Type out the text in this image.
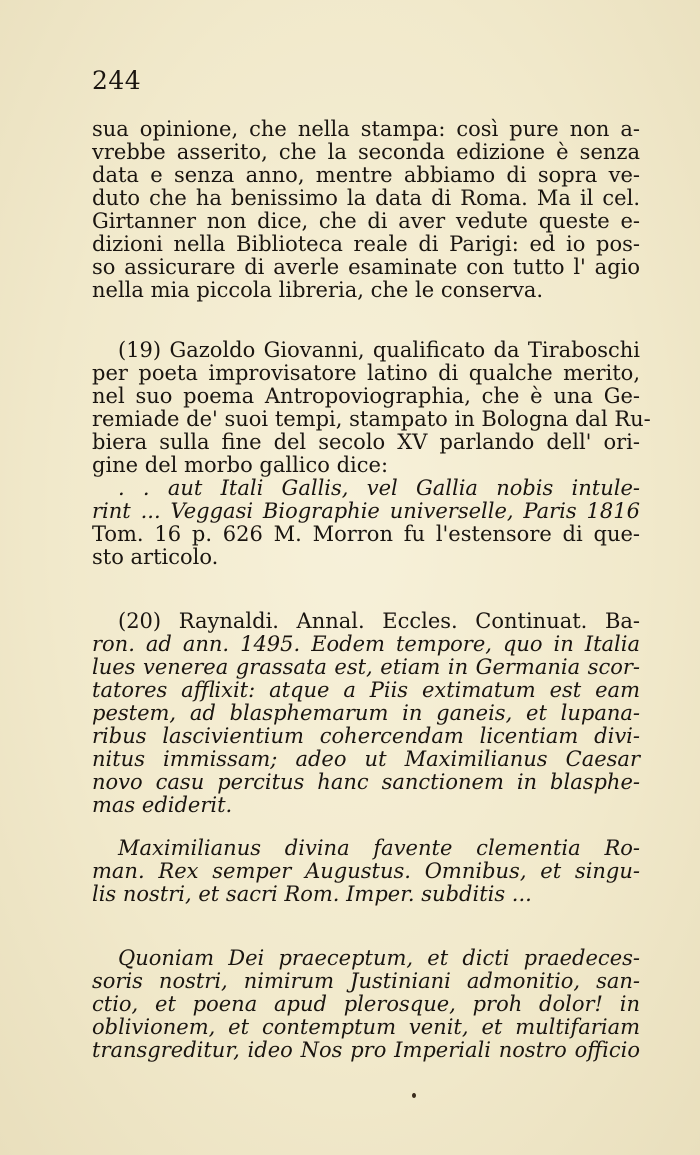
244
sua opinione, che nella stampa: così pure non a-
vrebbe asserito, che la seconda edizione è senza
data e senza anno, mentre abbiamo di sopra ve-
duto che ha benissimo la data di Roma. Ma il cel.
Girtanner non dice, che di aver vedute queste e-
dizioni nella Biblioteca reale di Parigi: ed io pos-
so assicurare di averle esaminate con tutto l' agio
nella mia piccola libreria, che le conserva.
(19) Gazoldo Giovanni, qualificato da Tiraboschi
per poeta improvisatore latino di qualche merito,
nel suo poema Antropoviographia, che è una Ge-
remiade de' suoi tempi, stampato in Bologna dal Ru-
biera sulla fine del secolo XV parlando dell' ori-
gine del morbo gallico dice:
. . aut Itali Gallis, vel Gallia nobis intule-
rint ... Veggasi Biographie universelle, Paris 1816
Tom. 16 p. 626 M. Morron fu l'estensore di que-
sto articolo.
(20) Raynaldi. Annal. Eccles. Continuat. Ba-
ron. ad ann. 1495. Eodem tempore, quo in Italia
lues venerea grassata est, etiam in Germania scor-
tatores afflixit: atque a Piis extimatum est eam
pestem, ad blasphemarum in ganeis, et lupana-
ribus lascivientium cohercendam licentiam divi-
nitus immissam; adeo ut Maximilianus Caesar
novo casu percitus hanc sanctionem in blasphe-
mas ediderit.
Maximilianus divina favente clementia Ro-
man. Rex semper Augustus. Omnibus, et singu-
lis nostri, et sacri Rom. Imper. subditis ...
Quoniam Dei praeceptum, et dicti praedeces-
soris nostri, nimirum Justiniani admonitio, san-
ctio, et poena apud plerosque, proh dolor! in
oblivionem, et contemptum venit, et multifariam
transgreditur, ideo Nos pro Imperiali nostro officio
